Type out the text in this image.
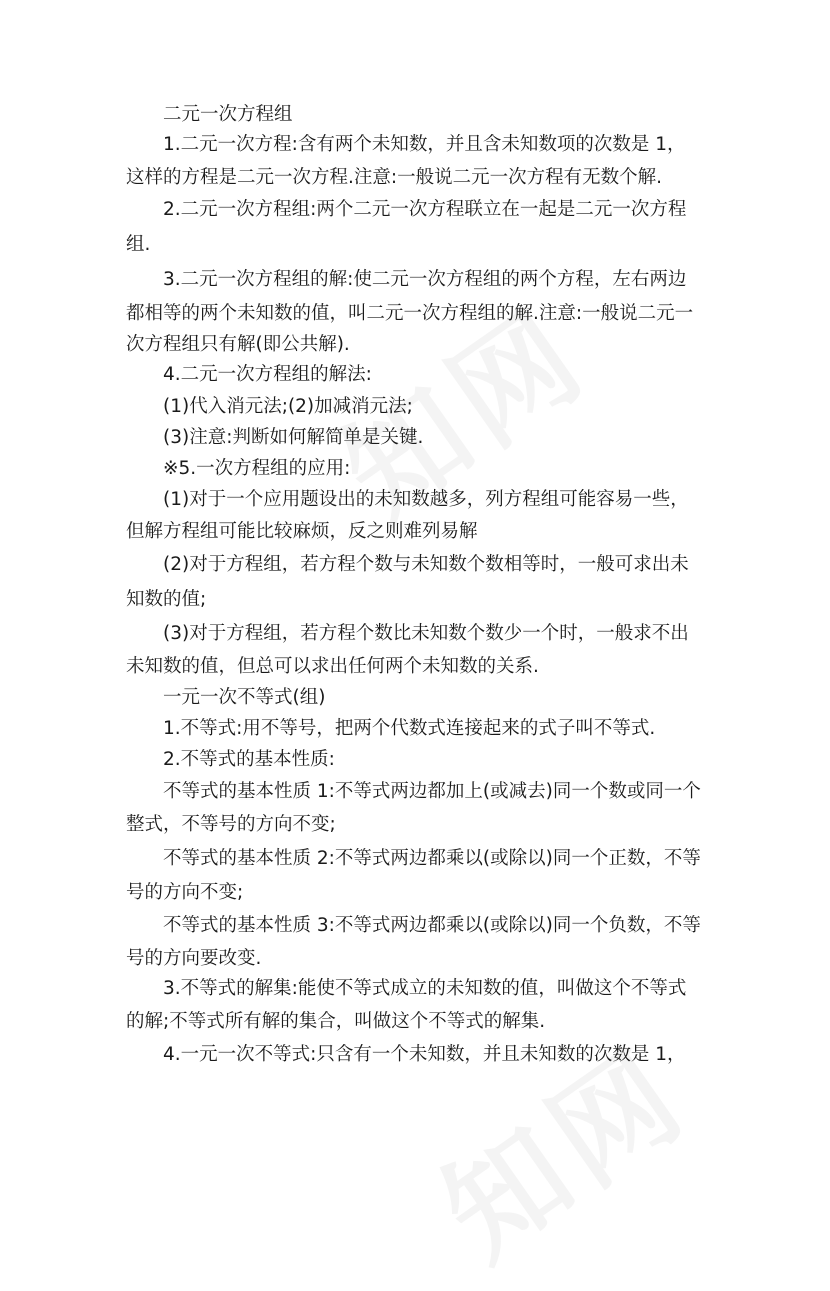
二元一次方程组
1.二元一次方程:含有两个未知数，并且含未知数项的次数是 1，
这样的方程是二元一次方程.注意:一般说二元一次方程有无数个解.
2.二元一次方程组:两个二元一次方程联立在一起是二元一次方程
组.
3.二元一次方程组的解:使二元一次方程组的两个方程，左右两边
都相等的两个未知数的值，叫二元一次方程组的解.注意:一般说二元一
次方程组只有解(即公共解).
4.二元一次方程组的解法:
(1)代入消元法;(2)加减消元法;
(3)注意:判断如何解简单是关键.
※5.一次方程组的应用:
(1)对于一个应用题设出的未知数越多，列方程组可能容易一些，
但解方程组可能比较麻烦，反之则难列易解
(2)对于方程组，若方程个数与未知数个数相等时，一般可求出未
知数的值;
(3)对于方程组，若方程个数比未知数个数少一个时，一般求不出
未知数的值，但总可以求出任何两个未知数的关系.
一元一次不等式(组)
1.不等式:用不等号，把两个代数式连接起来的式子叫不等式.
2.不等式的基本性质:
不等式的基本性质 1:不等式两边都加上(或减去)同一个数或同一个
整式，不等号的方向不变;
不等式的基本性质 2:不等式两边都乘以(或除以)同一个正数，不等
号的方向不变;
不等式的基本性质 3:不等式两边都乘以(或除以)同一个负数，不等
号的方向要改变.
3.不等式的解集:能使不等式成立的未知数的值，叫做这个不等式
的解;不等式所有解的集合，叫做这个不等式的解集.
4.一元一次不等式:只含有一个未知数，并且未知数的次数是 1，
